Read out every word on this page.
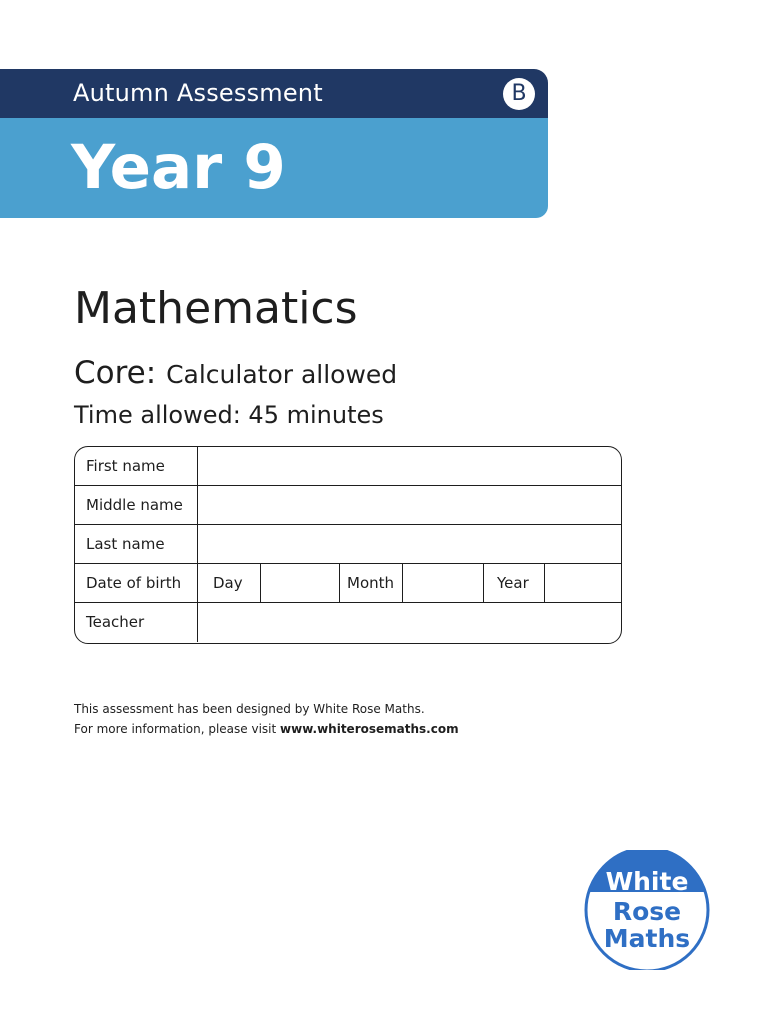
Autumn Assessment	B
Year 9
Mathematics
Core: Calculator allowed
Time allowed: 45 minutes
First name
Middle name
Last name
Date of birth Day	Month	Year
Teacher
This assessment has been designed by White Rose Maths.
For more information, please visit www.whiterosemaths.com
White
Rose
Maths
